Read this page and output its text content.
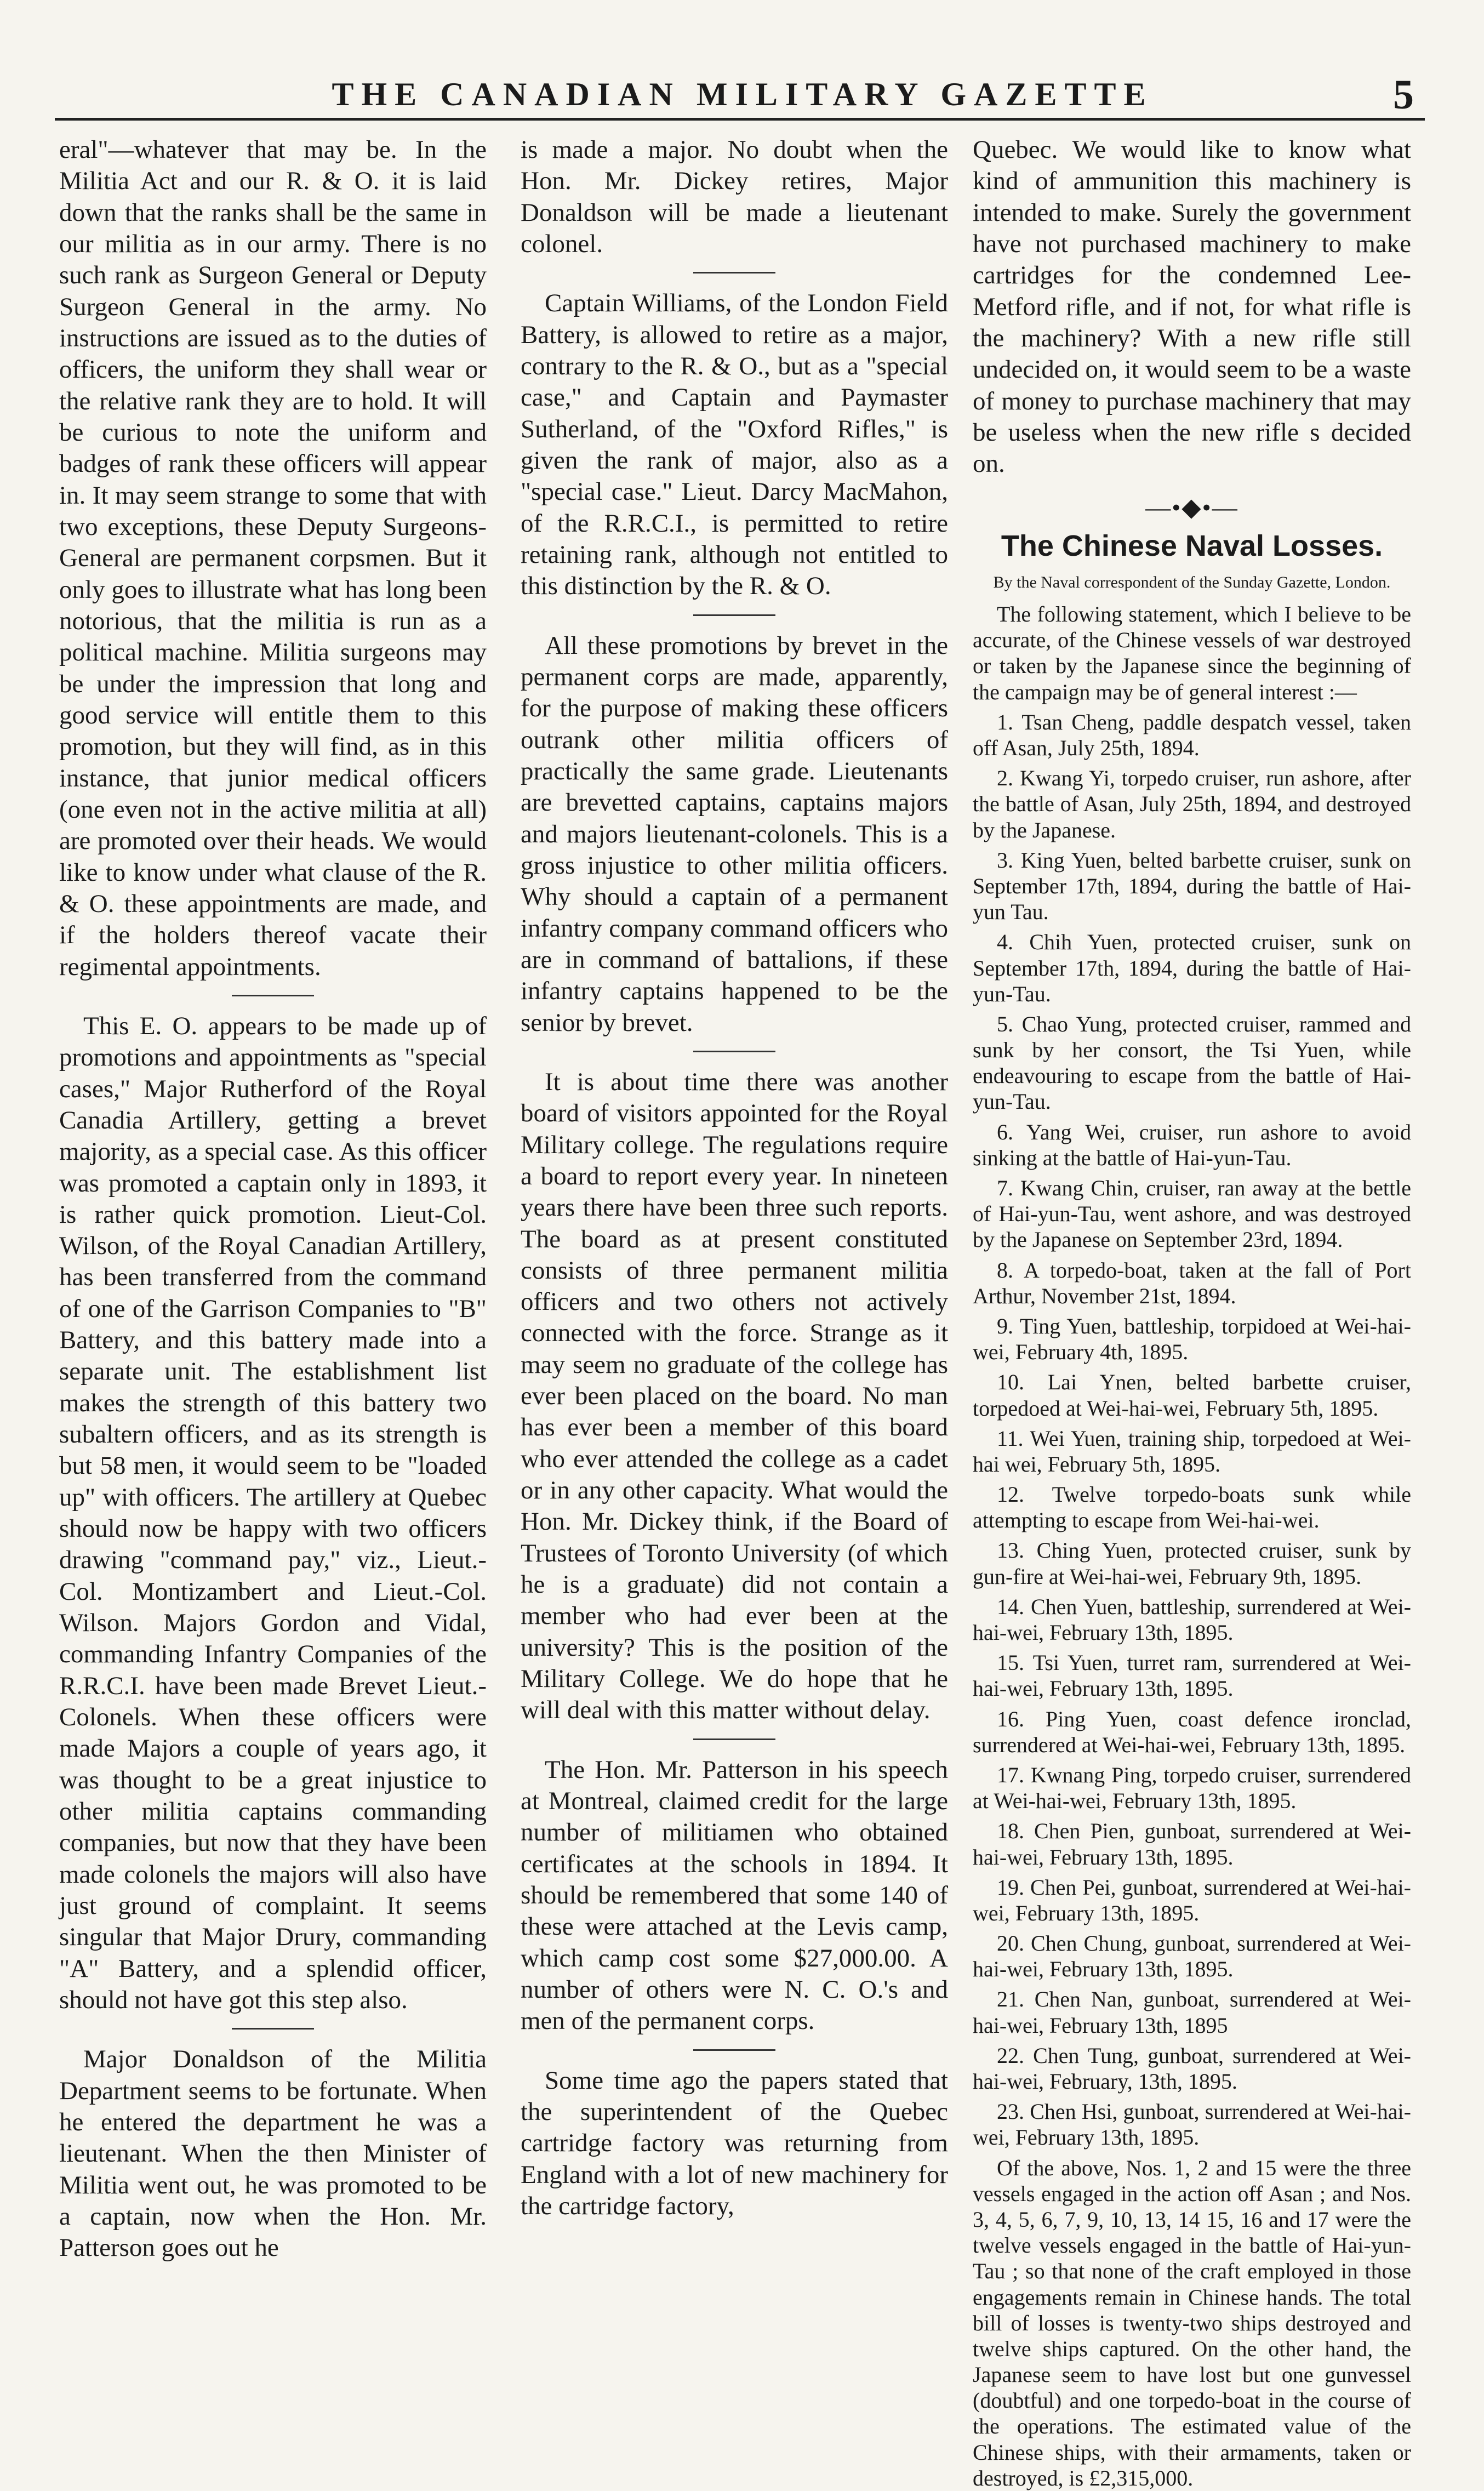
THE CANADIAN MILITARY GAZETTE	5

eral"—whatever that may be. In the Militia Act and our R. & O. it is laid down that the ranks shall be the same in our militia as in our army. There is no such rank as Surgeon General or Deputy Surgeon General in the army. No instructions are issued as to the duties of officers, the uniform they shall wear or the relative rank they are to hold. It will be curious to note the uniform and badges of rank these officers will appear in. It may seem strange to some that with two exceptions, these Deputy Surgeons-General are permanent corpsmen. But it only goes to illustrate what has long been notorious, that the militia is run as a political machine. Militia surgeons may be under the impression that long and good service will entitle them to this promotion, but they will find, as in this instance, that junior medical officers (one even not in the active militia at all) are promoted over their heads. We would like to know under what clause of the R. & O. these appointments are made, and if the holders thereof vacate their regimental appointments.

This E. O. appears to be made up of promotions and appointments as "special cases," Major Rutherford of the Royal Canadia Artillery, getting a brevet majority, as a special case. As this officer was promoted a captain only in 1893, it is rather quick promotion. Lieut-Col. Wilson, of the Royal Canadian Artillery, has been transferred from the command of one of the Garrison Companies to "B" Battery, and this battery made into a separate unit. The establishment list makes the strength of this battery two subaltern officers, and as its strength is but 58 men, it would seem to be "loaded up" with officers. The artillery at Quebec should now be happy with two officers drawing "command pay," viz., Lieut.-Col. Montizambert and Lieut.-Col. Wilson. Majors Gordon and Vidal, commanding Infantry Companies of the R.R.C.I. have been made Brevet Lieut.-Colonels. When these officers were made Majors a couple of years ago, it was thought to be a great injustice to other militia captains commanding companies, but now that they have been made colonels the majors will also have just ground of complaint. It seems singular that Major Drury, commanding "A" Battery, and a splendid officer, should not have got this step also.

Major Donaldson of the Militia Department seems to be fortunate. When he entered the department he was a lieutenant. When the then Minister of Militia went out, he was promoted to be a captain, now when the Hon. Mr. Patterson goes out he

is made a major. No doubt when the Hon. Mr. Dickey retires, Major Donaldson will be made a lieutenant colonel.

Captain Williams, of the London Field Battery, is allowed to retire as a major, contrary to the R. & O., but as a "special case," and Captain and Paymaster Sutherland, of the "Oxford Rifles," is given the rank of major, also as a "special case." Lieut. Darcy MacMahon, of the R.R.C.I., is permitted to retire retaining rank, although not entitled to this distinction by the R. & O.

All these promotions by brevet in the permanent corps are made, apparently, for the purpose of making these officers outrank other militia officers of practically the same grade. Lieutenants are brevetted captains, captains majors and majors lieutenant-colonels. This is a gross injustice to other militia officers. Why should a captain of a permanent infantry company command officers who are in command of battalions, if these infantry captains happened to be the senior by brevet.

It is about time there was another board of visitors appointed for the Royal Military college. The regulations require a board to report every year. In nineteen years there have been three such reports. The board as at present constituted consists of three permanent militia officers and two others not actively connected with the force. Strange as it may seem no graduate of the college has ever been placed on the board. No man has ever been a member of this board who ever attended the college as a cadet or in any other capacity. What would the Hon. Mr. Dickey think, if the Board of Trustees of Toronto University (of which he is a graduate) did not contain a member who had ever been at the university? This is the position of the Military College. We do hope that he will deal with this matter without delay.

The Hon. Mr. Patterson in his speech at Montreal, claimed credit for the large number of militiamen who obtained certificates at the schools in 1894. It should be remembered that some 140 of these were attached at the Levis camp, which camp cost some $27,000.00. A number of others were N. C. O.'s and men of the permanent corps.

Some time ago the papers stated that the superintendent of the Quebec cartridge factory was returning from England with a lot of new machinery for the cartridge factory,

Quebec. We would like to know what kind of ammunition this machinery is intended to make. Surely the government have not purchased machinery to make cartridges for the condemned Lee-Metford rifle, and if not, for what rifle is the machinery? With a new rifle still undecided on, it would seem to be a waste of money to purchase machinery that may be useless when the new rifle s decided on.

—•◆•—
The Chinese Naval Losses.
By the Naval correspondent of the Sunday Gazette, London.

The following statement, which I believe to be accurate, of the Chinese vessels of war destroyed or taken by the Japanese since the beginning of the campaign may be of general interest :—

1. Tsan Cheng, paddle despatch vessel, taken off Asan, July 25th, 1894.

2. Kwang Yi, torpedo cruiser, run ashore, after the battle of Asan, July 25th, 1894, and destroyed by the Japanese.

3. King Yuen, belted barbette cruiser, sunk on September 17th, 1894, during the battle of Hai-yun Tau.

4. Chih Yuen, protected cruiser, sunk on September 17th, 1894, during the battle of Hai-yun-Tau.

5. Chao Yung, protected cruiser, rammed and sunk by her consort, the Tsi Yuen, while endeavouring to escape from the battle of Hai-yun-Tau.

6. Yang Wei, cruiser, run ashore to avoid sinking at the battle of Hai-yun-Tau.

7. Kwang Chin, cruiser, ran away at the bettle of Hai-yun-Tau, went ashore, and was destroyed by the Japanese on September 23rd, 1894.

8. A torpedo-boat, taken at the fall of Port Arthur, November 21st, 1894.

9. Ting Yuen, battleship, torpidoed at Wei-hai-wei, February 4th, 1895.

10. Lai Ynen, belted barbette cruiser, torpedoed at Wei-hai-wei, February 5th, 1895.

11. Wei Yuen, training ship, torpedoed at Wei-hai wei, February 5th, 1895.

12. Twelve torpedo-boats sunk while attempting to escape from Wei-hai-wei.

13. Ching Yuen, protected cruiser, sunk by gun-fire at Wei-hai-wei, February 9th, 1895.

14. Chen Yuen, battleship, surrendered at Wei-hai-wei, February 13th, 1895.

15. Tsi Yuen, turret ram, surrendered at Wei-hai-wei, February 13th, 1895.

16. Ping Yuen, coast defence ironclad, surrendered at Wei-hai-wei, February 13th, 1895.

17. Kwnang Ping, torpedo cruiser, surrendered at Wei-hai-wei, February 13th, 1895.

18. Chen Pien, gunboat, surrendered at Wei-hai-wei, February 13th, 1895.

19. Chen Pei, gunboat, surrendered at Wei-hai-wei, February 13th, 1895.

20. Chen Chung, gunboat, surrendered at Wei-hai-wei, February 13th, 1895.

21. Chen Nan, gunboat, surrendered at Wei-hai-wei, February 13th, 1895

22. Chen Tung, gunboat, surrendered at Wei-hai-wei, February, 13th, 1895.

23. Chen Hsi, gunboat, surrendered at Wei-hai-wei, February 13th, 1895.

Of the above, Nos. 1, 2 and 15 were the three vessels engaged in the action off Asan ; and Nos. 3, 4, 5, 6, 7, 9, 10, 13, 14 15, 16 and 17 were the twelve vessels engaged in the battle of Hai-yun-Tau ; so that none of the craft employed in those engagements remain in Chinese hands. The total bill of losses is twenty-two ships destroyed and twelve ships captured. On the other hand, the Japanese seem to have lost but one gunvessel (doubtful) and one torpedo-boat in the course of the operations. The estimated value of the Chinese ships, with their armaments, taken or destroyed, is £2,315,000.
